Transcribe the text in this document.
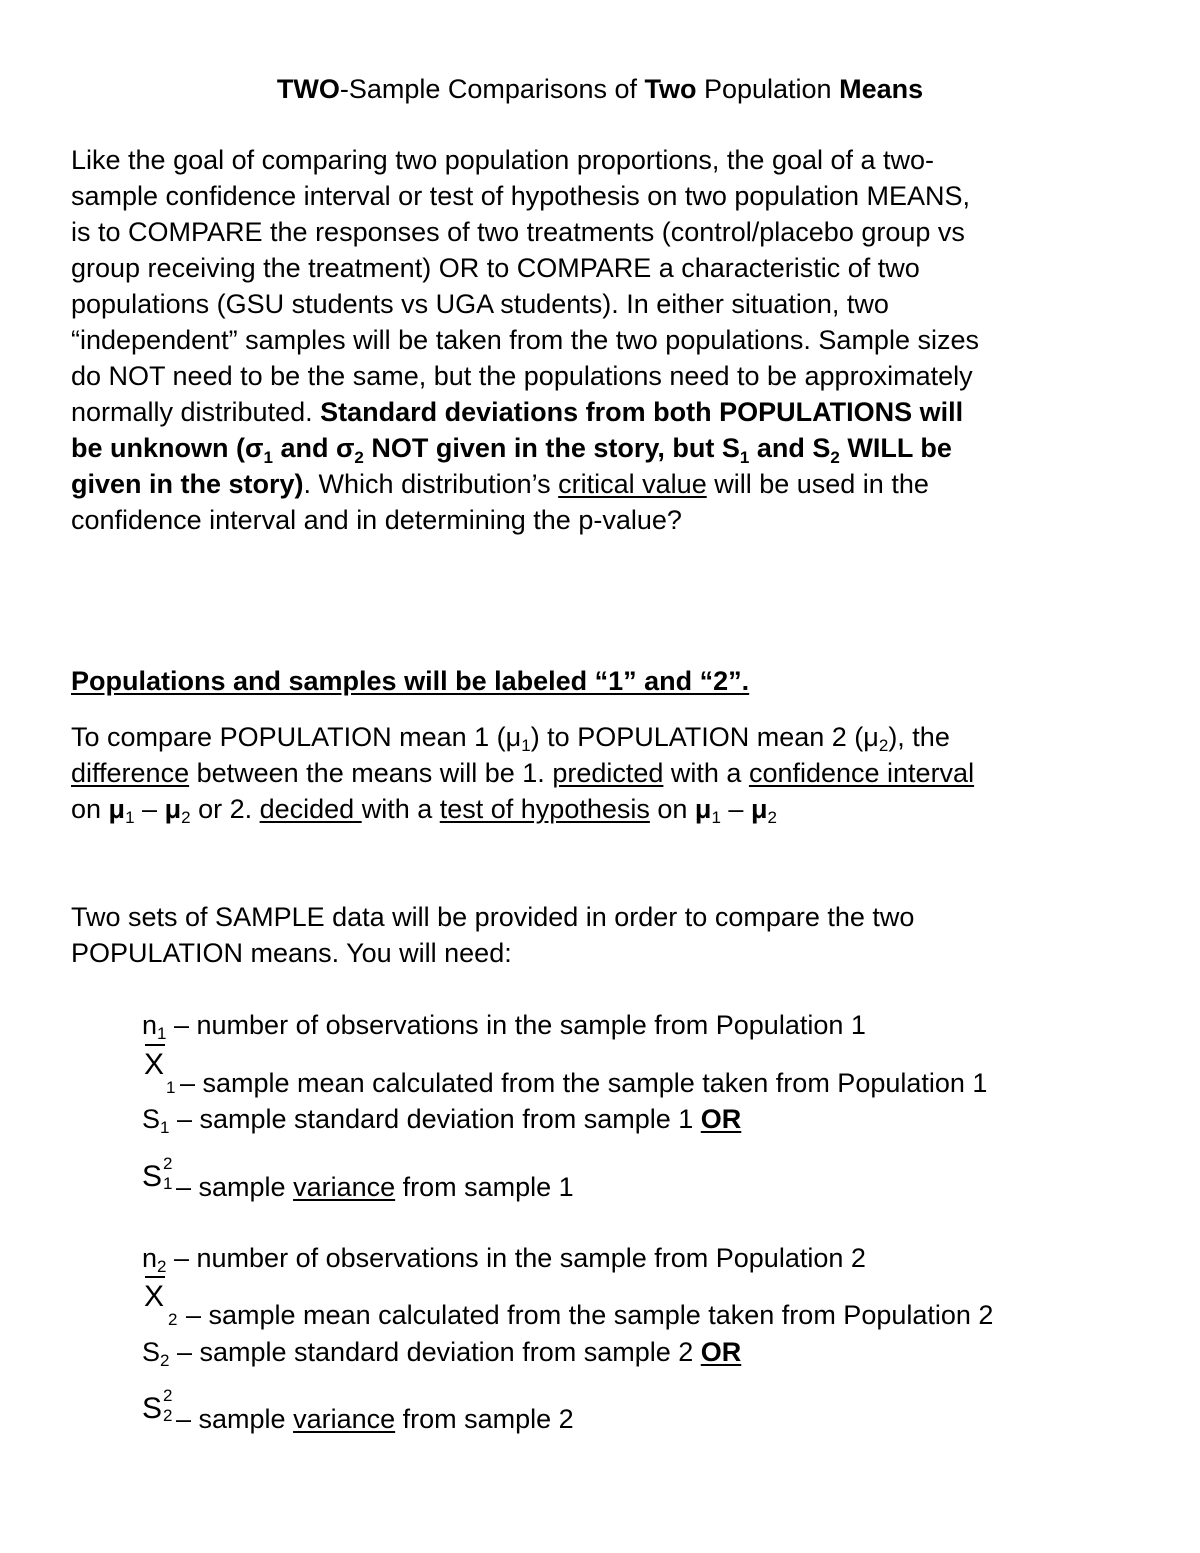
TWO-Sample Comparisons of Two Population Means
Like the goal of comparing two population proportions, the goal of a two-
sample confidence interval or test of hypothesis on two population MEANS,
is to COMPARE the responses of two treatments (control/placebo group vs
group receiving the treatment) OR to COMPARE a characteristic of two
populations (GSU students vs UGA students). In either situation, two
“independent” samples will be taken from the two populations. Sample sizes
do NOT need to be the same, but the populations need to be approximately
normally distributed. Standard deviations from both POPULATIONS will
be unknown ($\sigma_1$ and $\sigma_2$ NOT given in the story, but $S_1$ and $S_2$ WILL be
given in the story). Which distribution’s critical value will be used in the
confidence interval and in determining the p-value?
Populations and samples will be labeled “1” and “2”.
To compare POPULATION mean 1 $(\mu_1)$ to POPULATION mean 2 $(\mu_2)$, the
difference between the means will be 1. predicted with a confidence interval
on $\mu_1 - \mu_2$ or 2. decided with a test of hypothesis on $\mu_1 - \mu_2$
Two sets of SAMPLE data will be provided in order to compare the two
POPULATION means. You will need:
$n_1$ – number of observations in the sample from Population 1
X
1 – sample mean calculated from the sample taken from Population 1
$S_1$ – sample standard deviation from sample 1 OR
S 2
1 – sample variance from sample 1
$n_2$ – number of observations in the sample from Population 2
X
2 – sample mean calculated from the sample taken from Population 2
$S_2$ – sample standard deviation from sample 2 OR
S 2
2 – sample variance from sample 2
